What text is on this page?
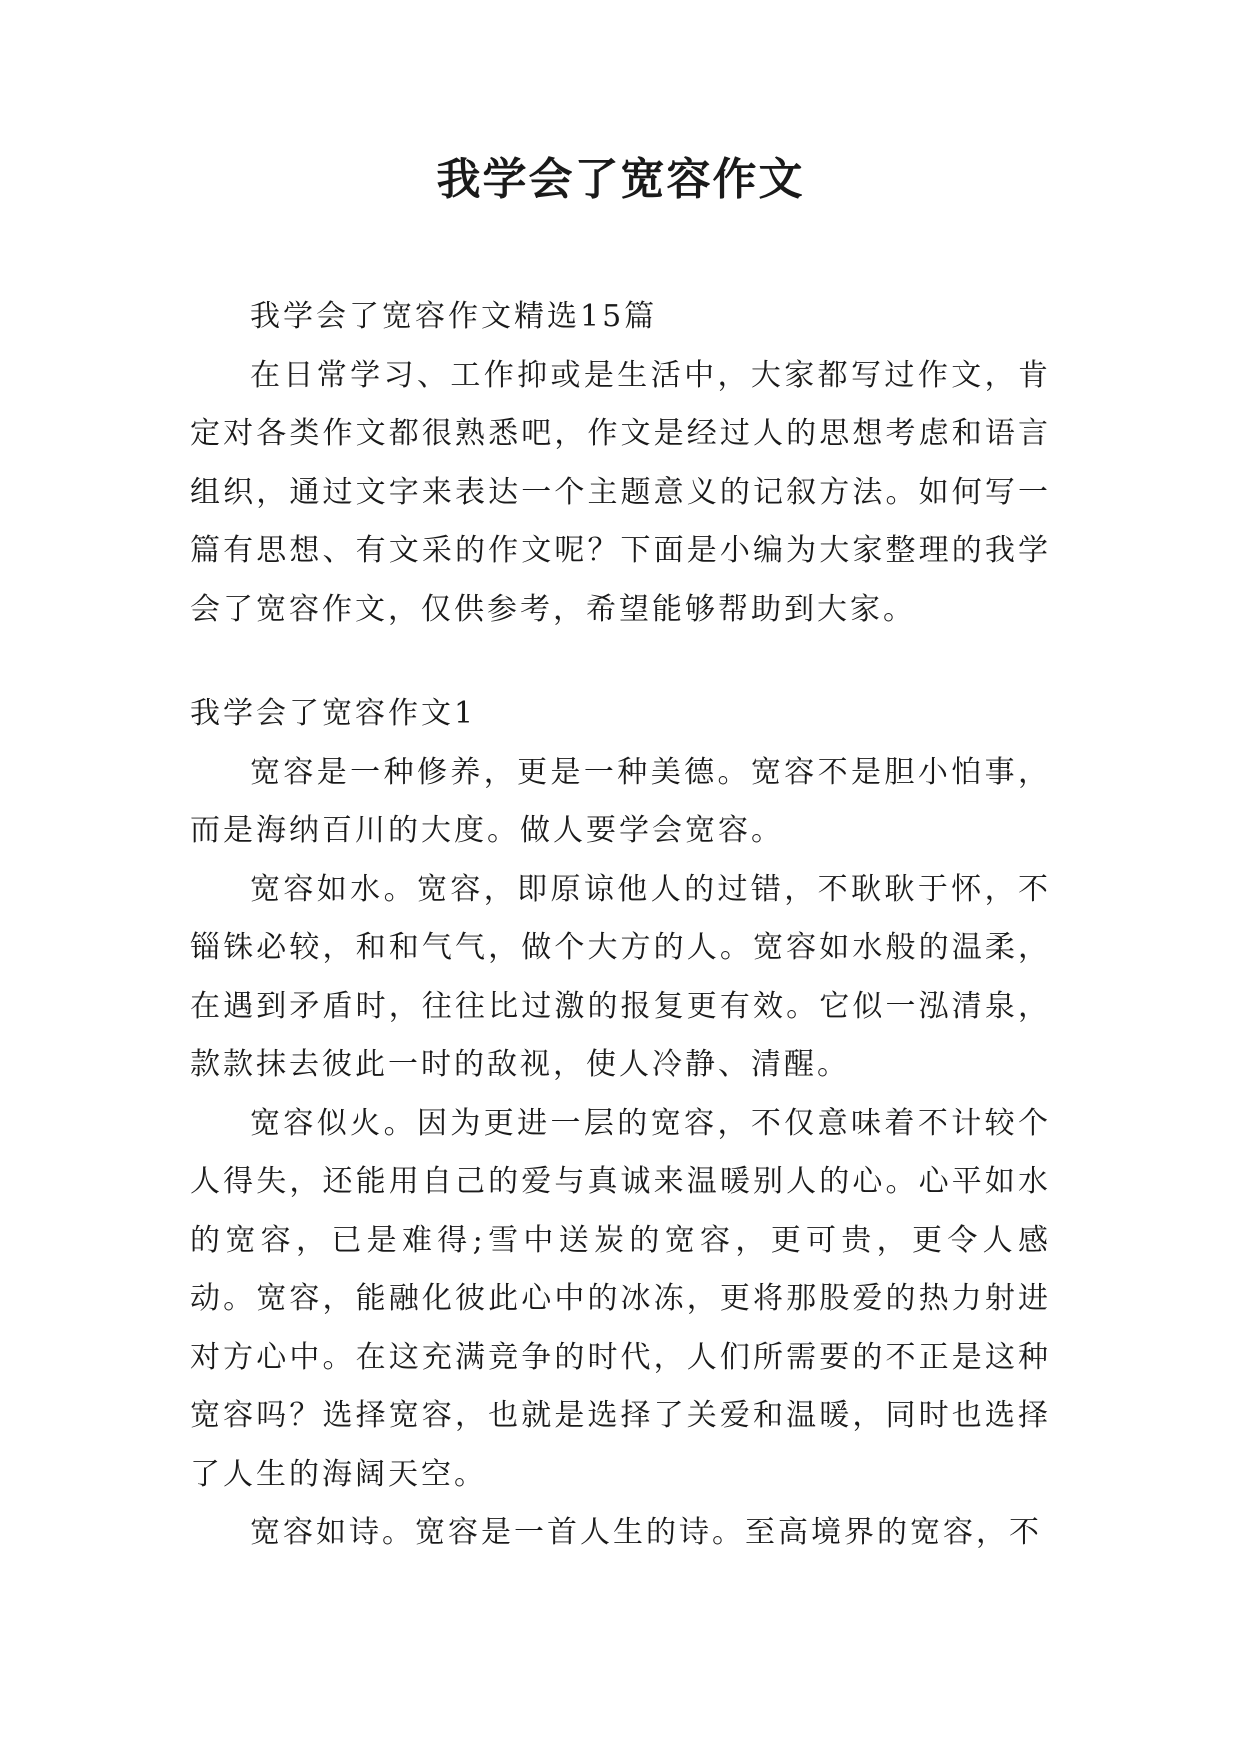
我学会了宽容作文

我学会了宽容作文精选15篇

在日常学习、工作抑或是生活中，大家都写过作文，肯定对各类作文都很熟悉吧，作文是经过人的思想考虑和语言组织，通过文字来表达一个主题意义的记叙方法。如何写一篇有思想、有文采的作文呢？下面是小编为大家整理的我学会了宽容作文，仅供参考，希望能够帮助到大家。

我学会了宽容作文1

宽容是一种修养，更是一种美德。宽容不是胆小怕事，而是海纳百川的大度。做人要学会宽容。

宽容如水。宽容，即原谅他人的过错，不耿耿于怀，不锱铢必较，和和气气，做个大方的人。宽容如水般的温柔，在遇到矛盾时，往往比过激的报复更有效。它似一泓清泉，款款抹去彼此一时的敌视，使人冷静、清醒。

宽容似火。因为更进一层的宽容，不仅意味着不计较个人得失，还能用自己的爱与真诚来温暖别人的心。心平如水的宽容，已是难得;雪中送炭的宽容，更可贵，更令人感动。宽容，能融化彼此心中的冰冻，更将那股爱的热力射进对方心中。在这充满竞争的时代，人们所需要的不正是这种宽容吗？选择宽容，也就是选择了关爱和温暖，同时也选择了人生的海阔天空。

宽容如诗。宽容是一首人生的诗。至高境界的宽容，不
